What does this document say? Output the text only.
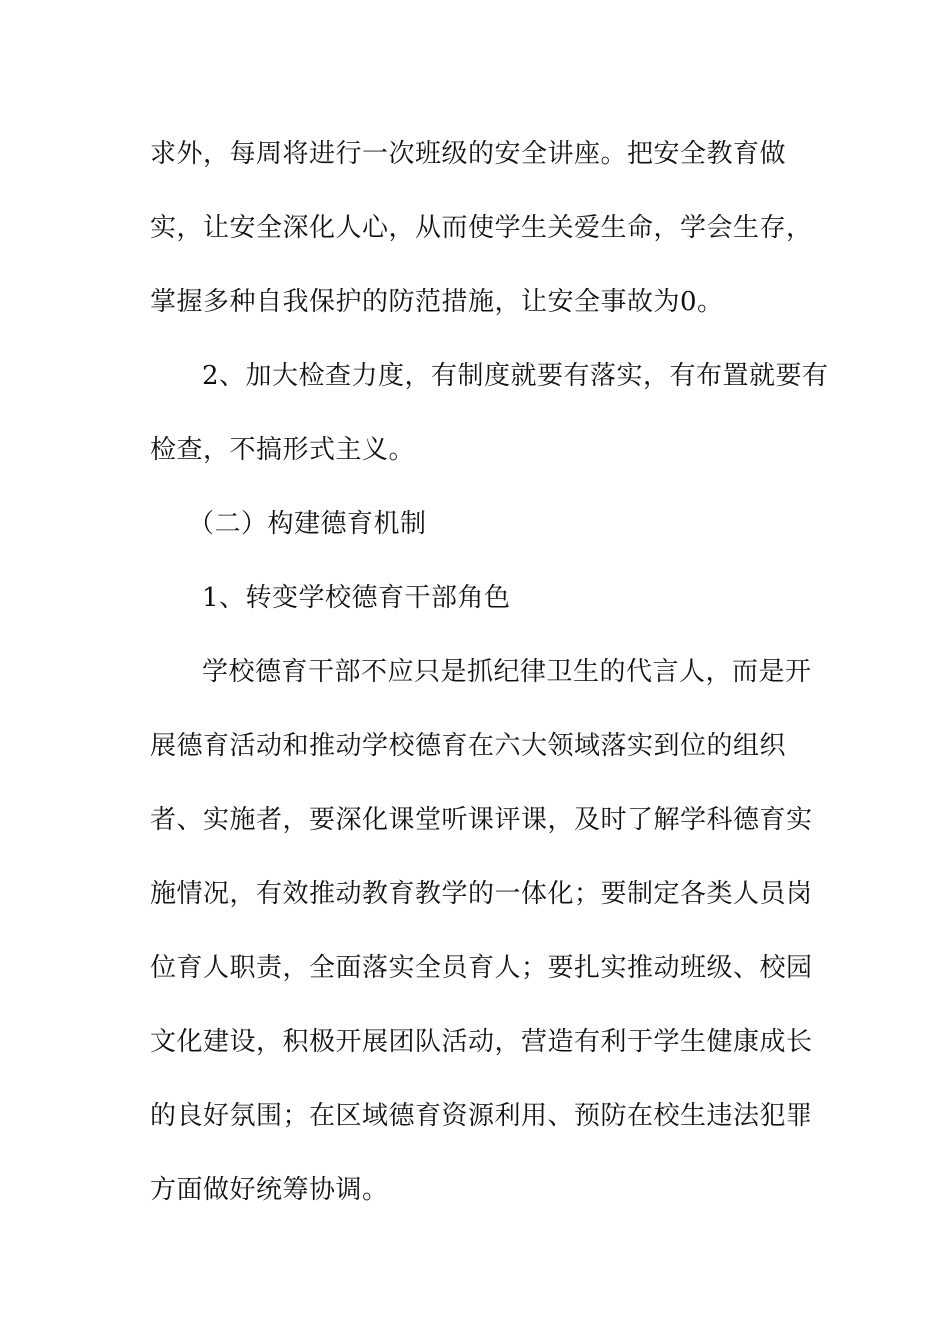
求外，每周将进行一次班级的安全讲座。把安全教育做
实，让安全深化人心，从而使学生关爱生命，学会生存，
掌握多种自我保护的防范措施，让安全事故为0。
2、加大检查力度，有制度就要有落实，有布置就要有
检查，不搞形式主义。
（二）构建德育机制
1、转变学校德育干部角色
学校德育干部不应只是抓纪律卫生的代言人，而是开
展德育活动和推动学校德育在六大领域落实到位的组织
者、实施者，要深化课堂听课评课，及时了解学科德育实
施情况，有效推动教育教学的一体化；要制定各类人员岗
位育人职责，全面落实全员育人；要扎实推动班级、校园
文化建设，积极开展团队活动，营造有利于学生健康成长
的良好氛围；在区域德育资源利用、预防在校生违法犯罪
方面做好统筹协调。
